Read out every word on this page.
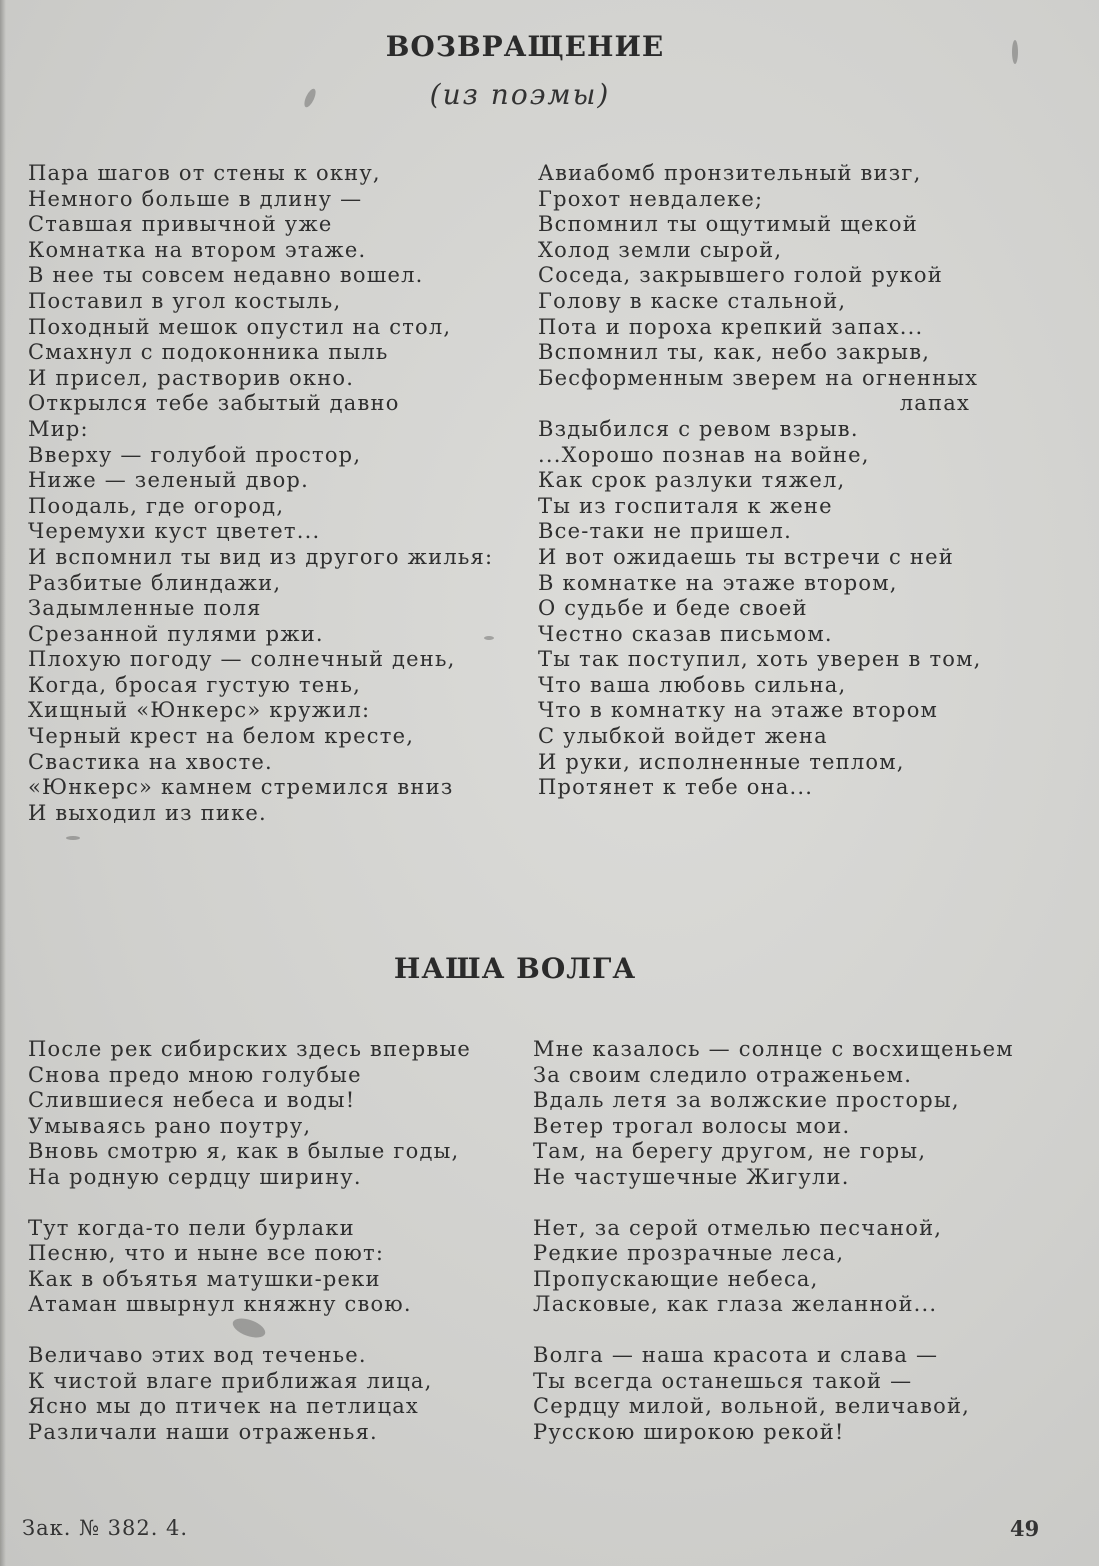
ВОЗВРАЩЕНИЕ
(из поэмы)
Пара шагов от стены к окну,
Немного больше в длину —
Ставшая привычной уже
Комнатка на втором этаже.
В нее ты совсем недавно вошел.
Поставил в угол костыль,
Походный мешок опустил на стол,
Смахнул с подоконника пыль
И присел, растворив окно.
Открылся тебе забытый давно
Мир:
Вверху — голубой простор,
Ниже — зеленый двор.
Поодаль, где огород,
Черемухи куст цветет...
И вспомнил ты вид из другого жилья:
Разбитые блиндажи,
Задымленные поля
Срезанной пулями ржи.
Плохую погоду — солнечный день,
Когда, бросая густую тень,
Хищный «Юнкерс» кружил:
Черный крест на белом кресте,
Свастика на хвосте.
«Юнкерс» камнем стремился вниз
И выходил из пике.
Авиабомб пронзительный визг,
Грохот невдалеке;
Вспомнил ты ощутимый щекой
Холод земли сырой,
Соседа, закрывшего голой рукой
Голову в каске стальной,
Пота и пороха крепкий запах...
Вспомнил ты, как, небо закрыв,
Бесформенным зверем на огненных
лапах
Вздыбился с ревом взрыв.
...Хорошо познав на войне,
Как срок разлуки тяжел,
Ты из госпиталя к жене
Все-таки не пришел.
И вот ожидаешь ты встречи с ней
В комнатке на этаже втором,
О судьбе и беде своей
Честно сказав письмом.
Ты так поступил, хоть уверен в том,
Что ваша любовь сильна,
Что в комнатку на этаже втором
С улыбкой войдет жена
И руки, исполненные теплом,
Протянет к тебе она...
НАША ВОЛГА
После рек сибирских здесь впервые
Снова предо мною голубые
Слившиеся небеса и воды!
Умываясь рано поутру,
Вновь смотрю я, как в былые годы,
На родную сердцу ширину.
Тут когда-то пели бурлаки
Песню, что и ныне все поют:
Как в объятья матушки-реки
Атаман швырнул княжну свою.
Величаво этих вод теченье.
К чистой влаге приближая лица,
Ясно мы до птичек на петлицах
Различали наши отраженья.
Мне казалось — солнце с восхищеньем
За своим следило отраженьем.
Вдаль летя за волжские просторы,
Ветер трогал волосы мои.
Там, на берегу другом, не горы,
Не частушечные Жигули.
Нет, за серой отмелью песчаной,
Редкие прозрачные леса,
Пропускающие небеса,
Ласковые, как глаза желанной...
Волга — наша красота и слава —
Ты всегда останешься такой —
Сердцу милой, вольной, величавой,
Русскою широкою рекой!
Зак. № 382. 4.	49
